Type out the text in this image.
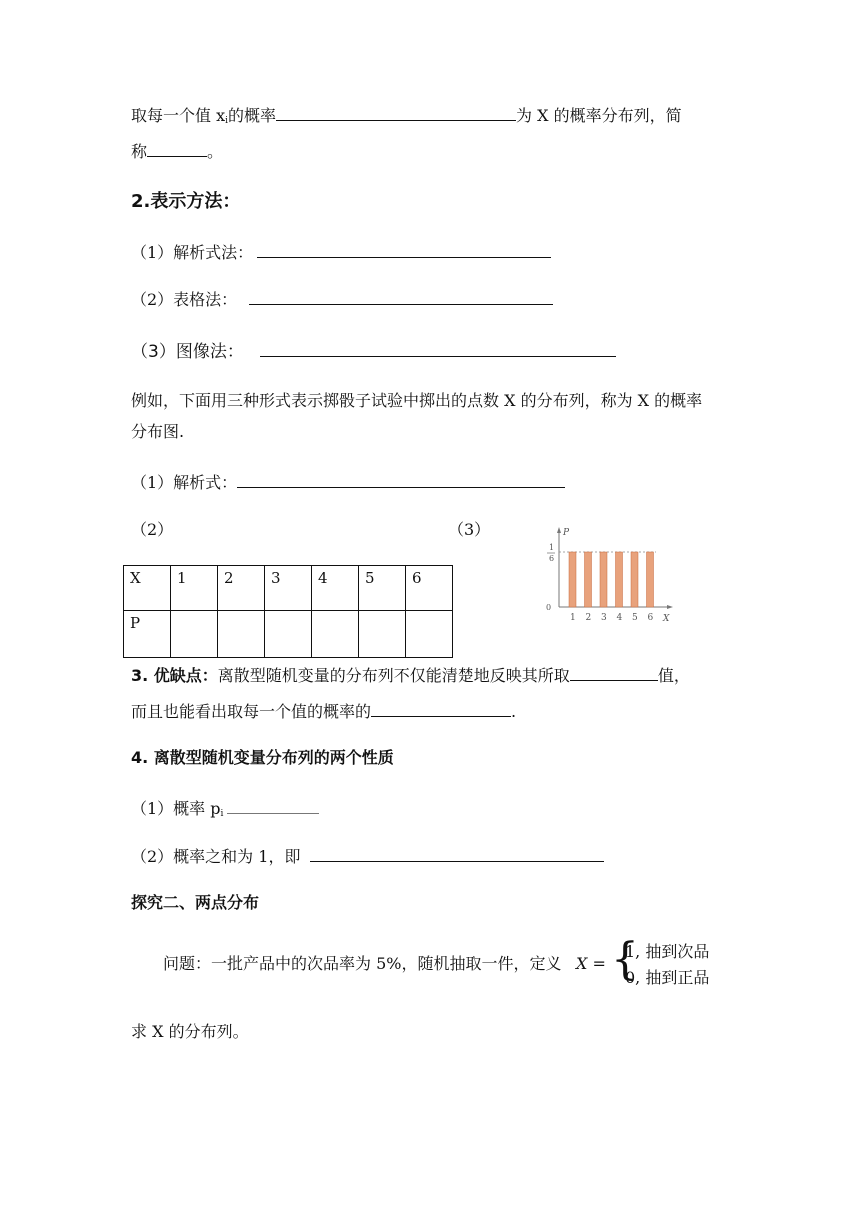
取每一个值 $x_i$的概率	为 X 的概率分布列，简
称	。
2.表示方法：
（1）解析式法：
（2）表格法：
（3）图像法：
例如，下面用三种形式表示掷骰子试验中掷出的点数 X 的分布列，称为 X 的概率
分布图.
（1）解析式：
（2）	（3）
X	1	2	3	4	5	6
P						
P
X
0
1
6
1 2 3 4 5 6
3. 优缺点：离散型随机变量的分布列不仅能清楚地反映其所取	值，
而且也能看出取每一个值的概率的	.
4. 离散型随机变量分布列的两个性质
（1）概率 $p_i$
（2）概率之和为 1，即
探究二、两点分布
问题：一批产品中的次品率为 5%，随机抽取一件，定义 X = {
1, 抽到次品
0, 抽到正品
求 X 的分布列。
